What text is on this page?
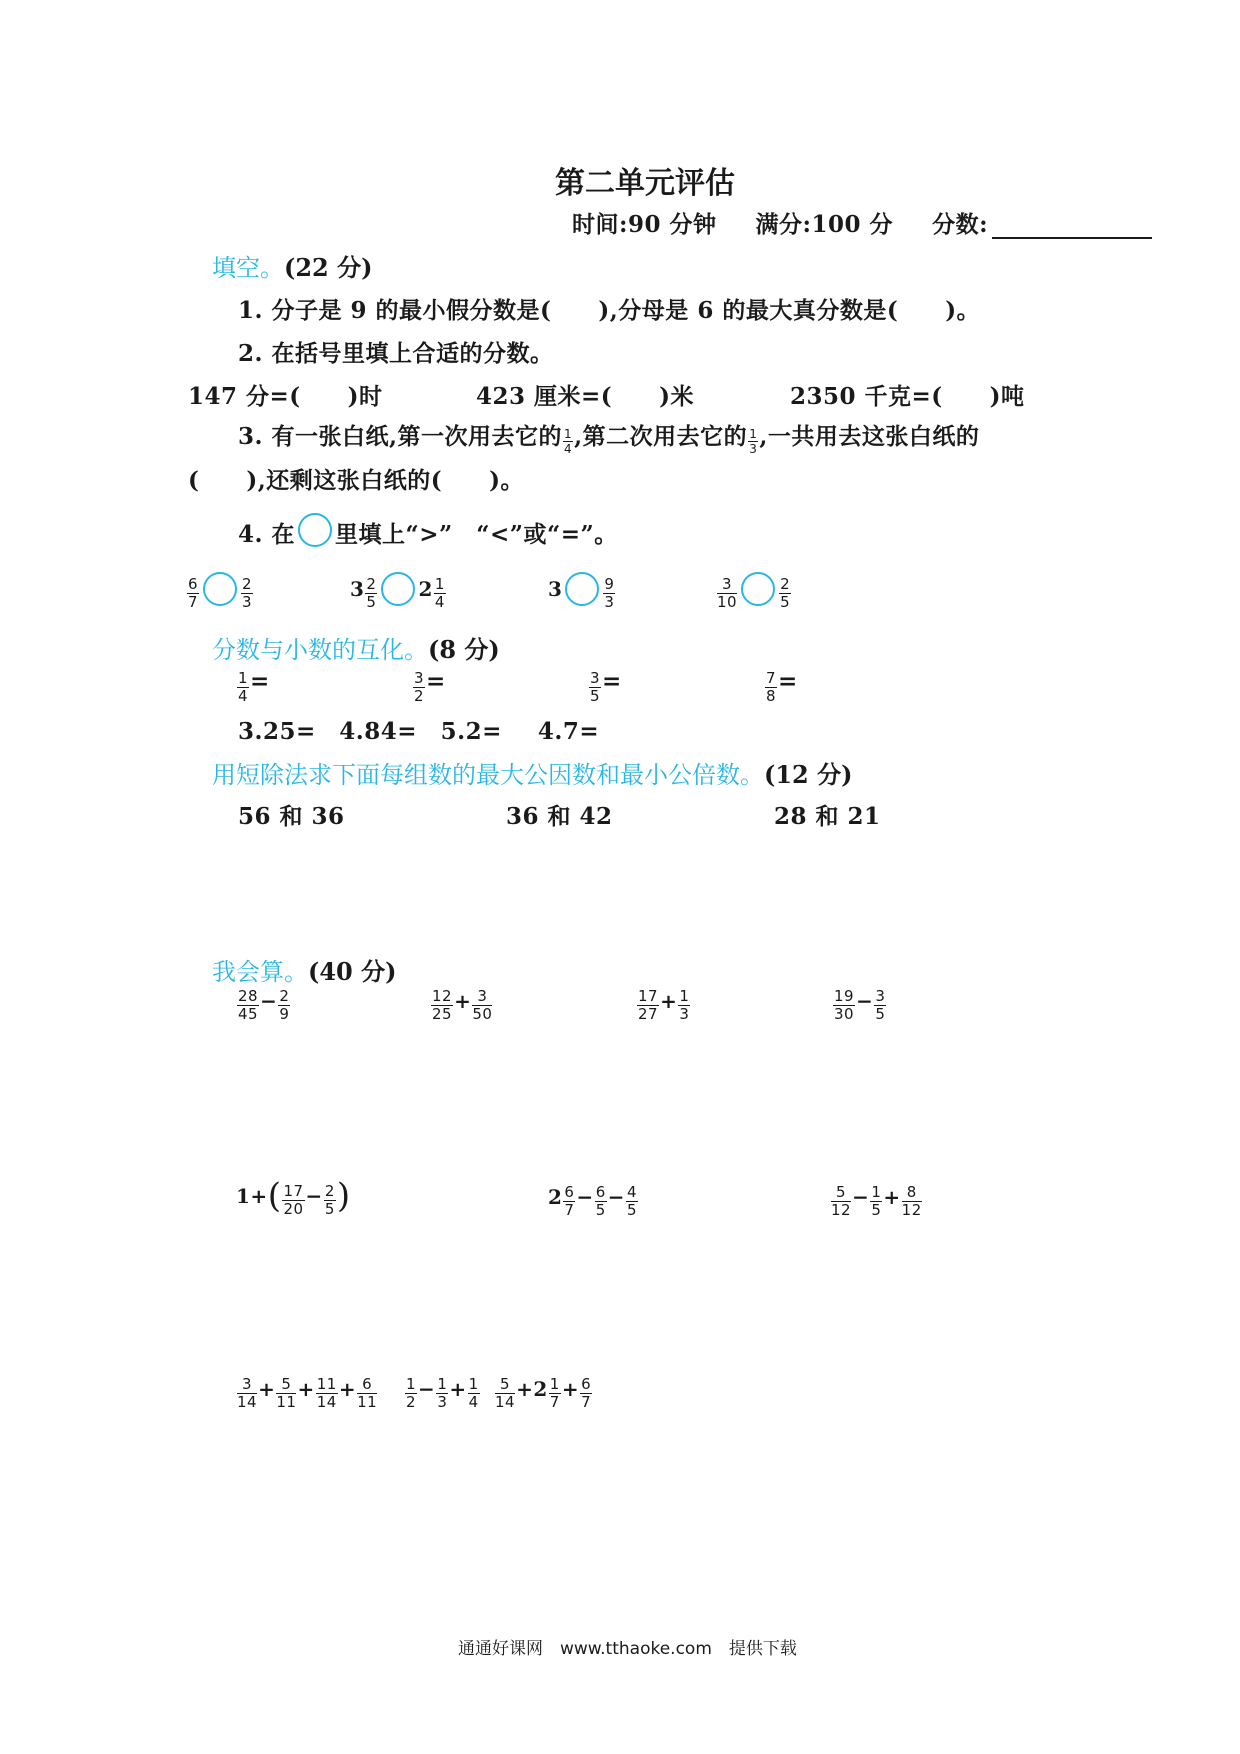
第二单元评估
时间:90 分钟 满分:100 分 分数:
填空。(22 分)
1. 分子是 9 的最小假分数是(　　),分母是 6 的最大真分数是(　　)。
2. 在括号里填上合适的分数。
147 分=(　　)时	423 厘米=(　　)米	2350 千克=(　　)吨
3. 有一张白纸,第一次用去它的 $\frac{1}{4}$ ,第二次用去它的 $\frac{1}{3}$ ,一共用去这张白纸的
(　　),还剩这张白纸的(　　)。
4. 在 里填上“>”　“<”或“=”。
$\frac{6}{7}$	$\frac{2}{3}$	$3 \frac{2}{5} 2 \frac{1}{4}$	3	$\frac{9}{3}$	$\frac{3}{10}$	$\frac{2}{5}$
分数与小数的互化。(8 分)
$\frac{1}{4}$ =	$\frac{3}{2}$ =	$\frac{3}{5}$ =	$\frac{7}{8}$ =
3.25=　4.84=　5.2=　 4.7=
用短除法求下面每组数的最大公因数和最小公倍数。(12 分)
56 和 36	36 和 42	28 和 21
我会算。(40 分)
$\frac{28}{45} - \frac{2}{9}$	$\frac{12}{25} + \frac{3}{50}$	$\frac{17}{27} + \frac{1}{3}$	$\frac{19}{30} - \frac{3}{5}$
$1+( \frac{17}{20} - \frac{2}{5}$ )	$2 \frac{6}{7} - \frac{6}{5} - \frac{4}{5}$	$\frac{5}{12} - \frac{1}{5} + \frac{8}{12}$
$\frac{3}{14} + \frac{5}{11} + \frac{11}{14} + \frac{6}{11} \frac{1}{2} - \frac{1}{3} + \frac{1}{4} \frac{5}{14} +2 \frac{1}{7} + \frac{6}{7}$
通通好课网　www.tthaoke.com　提供下载
